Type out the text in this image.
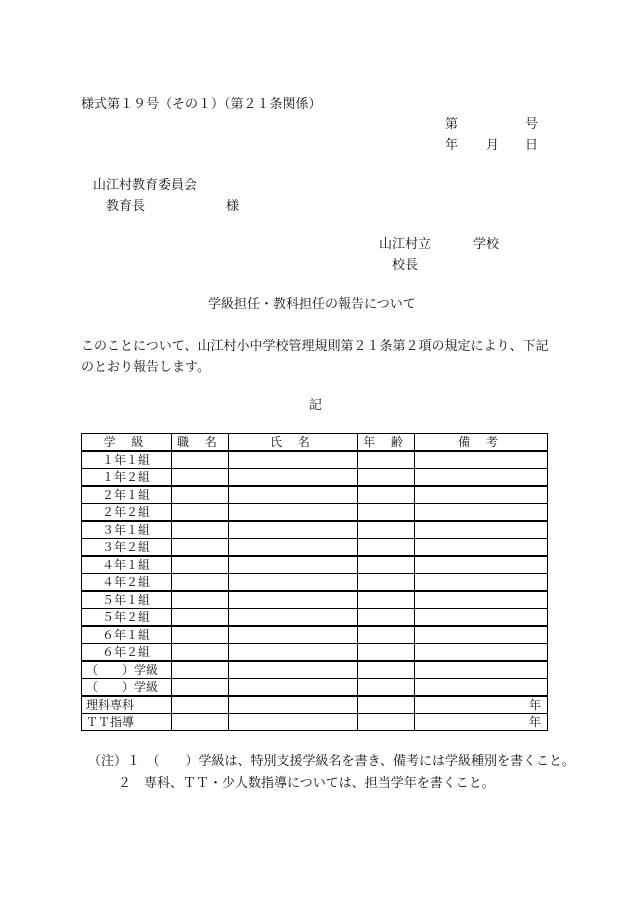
様式第１９号（その１）（第２１条関係）
第	号
年 月 日
山江村教育委員会
教育長	様
山江村立	学校
校長
学級担任・教科担任の報告について
このことについて、山江村小中学校管理規則第２１条第２項の規定により、下記のとおり報告します。
記
学 級	職 名	氏 名	年 齢	備 考
１年１組				
１年２組				
２年１組				
２年２組				
３年１組				
３年２組				
４年１組				
４年２組				
５年１組				
５年２組				
６年１組				
６年２組				
（　　）学級				
（　　）学級				
理科専科				年
ＴＴ指導				年
（注）１　（　　）学級は、特別支援学級名を書き、備考には学級種別を書くこと。
２　専科、ＴＴ・少人数指導については、担当学年を書くこと。
